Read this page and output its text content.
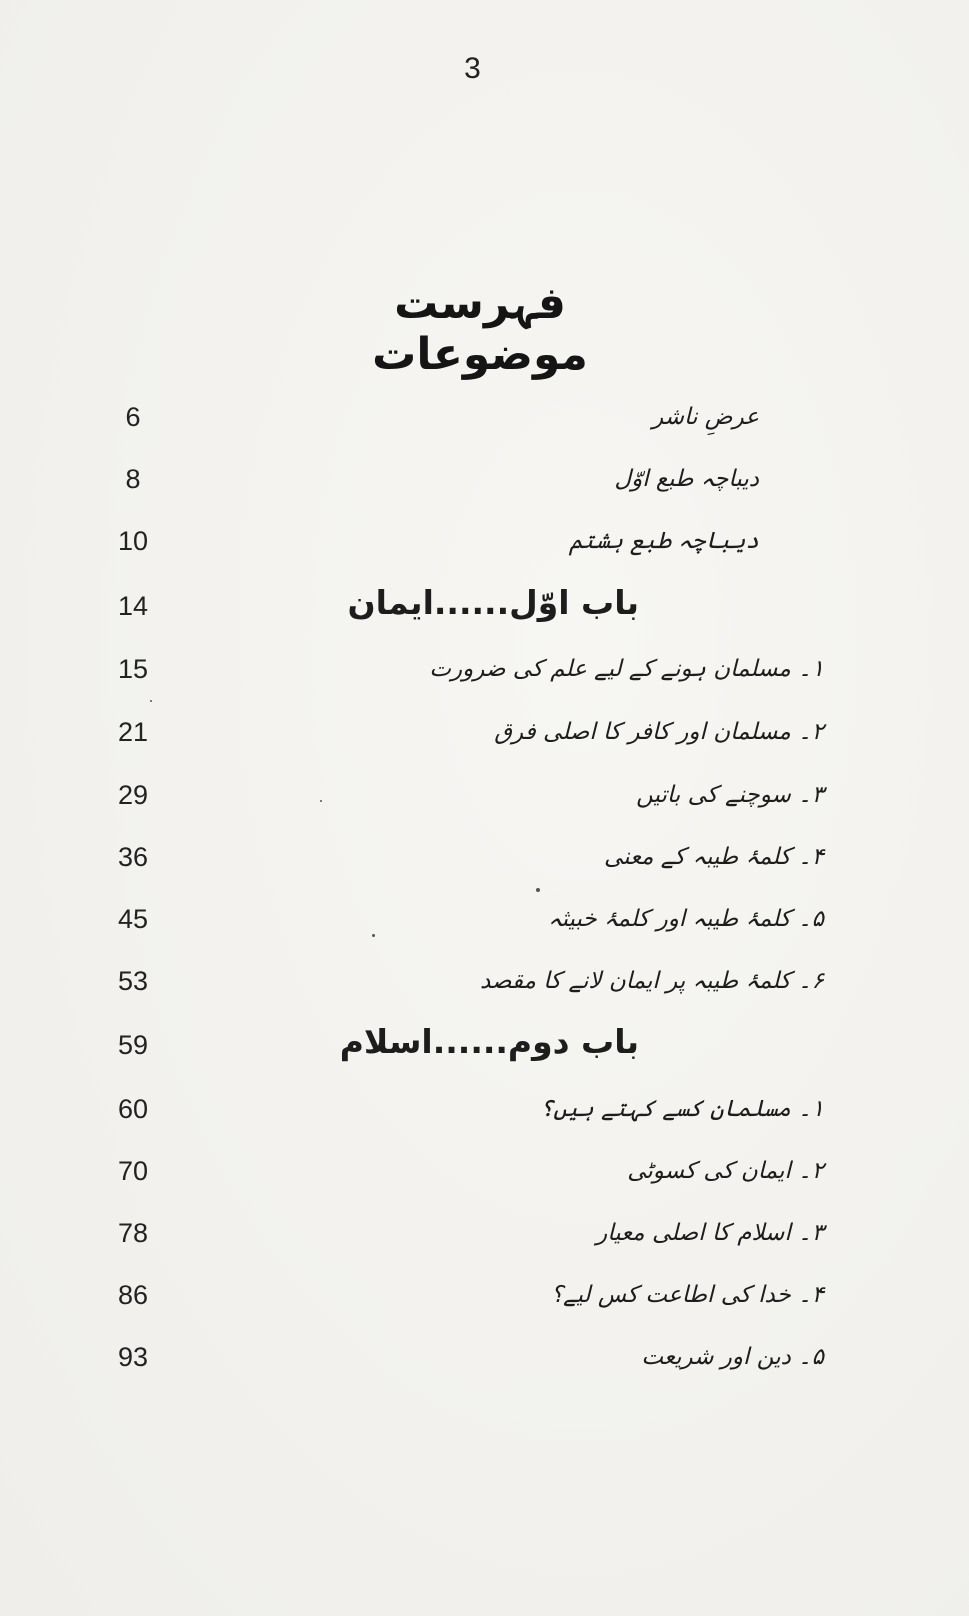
3
فہرست موضوعات
6	عرضِ ناشر
8	دیباچہ طبع اوّل
10	دیباچہ طبع ہشتم
14	باب اوّل......ایمان
15	۱۔ مسلمان ہونے کے لیے علم کی ضرورت
21	۲۔ مسلمان اور کافر کا اصلی فرق
29	۳۔ سوچنے کی باتیں
36	۴۔ کلمۂ طیبہ کے معنی
45	۵۔ کلمۂ طیبہ اور کلمۂ خبیثہ
53	۶۔ کلمۂ طیبہ پر ایمان لانے کا مقصد
59	باب دوم......اسلام
60	۱۔ مسلمان کسے کہتے ہیں؟
70	۲۔ ایمان کی کسوٹی
78	۳۔ اسلام کا اصلی معیار
86	۴۔ خدا کی اطاعت کس لیے؟
93	۵۔ دین اور شریعت
